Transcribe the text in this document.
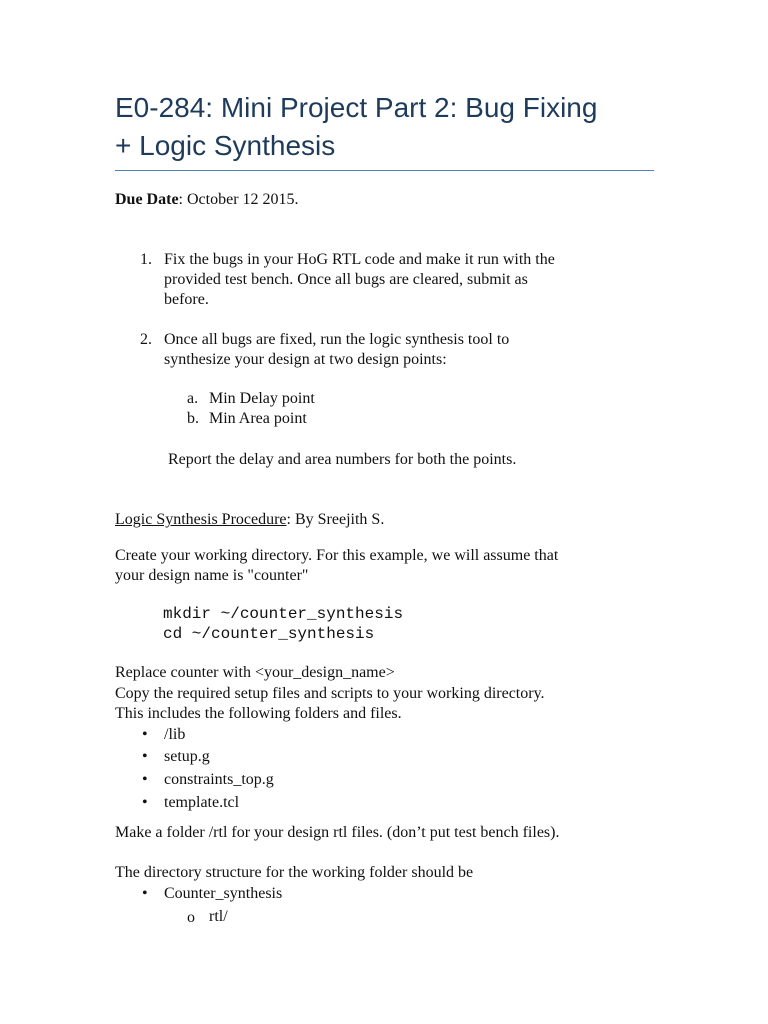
E0-284: Mini Project Part 2: Bug Fixing
+ Logic Synthesis
Due Date: October 12 2015.
1. Fix the bugs in your HoG RTL code and make it run with the
provided test bench. Once all bugs are cleared, submit as
before.
2. Once all bugs are fixed, run the logic synthesis tool to
synthesize your design at two design points:
a. Min Delay point
b. Min Area point
Report the delay and area numbers for both the points.
Logic Synthesis Procedure: By Sreejith S.
Create your working directory. For this example, we will assume that
your design name is "counter"
mkdir ~/counter_synthesis
cd ~/counter_synthesis
Replace counter with <your_design_name>
Copy the required setup files and scripts to your working directory.
This includes the following folders and files.
• /lib
• setup.g
• constraints_top.g
• template.tcl
Make a folder /rtl for your design rtl files. (don’t put test bench files).
The directory structure for the working folder should be
• Counter_synthesis
o rtl/
